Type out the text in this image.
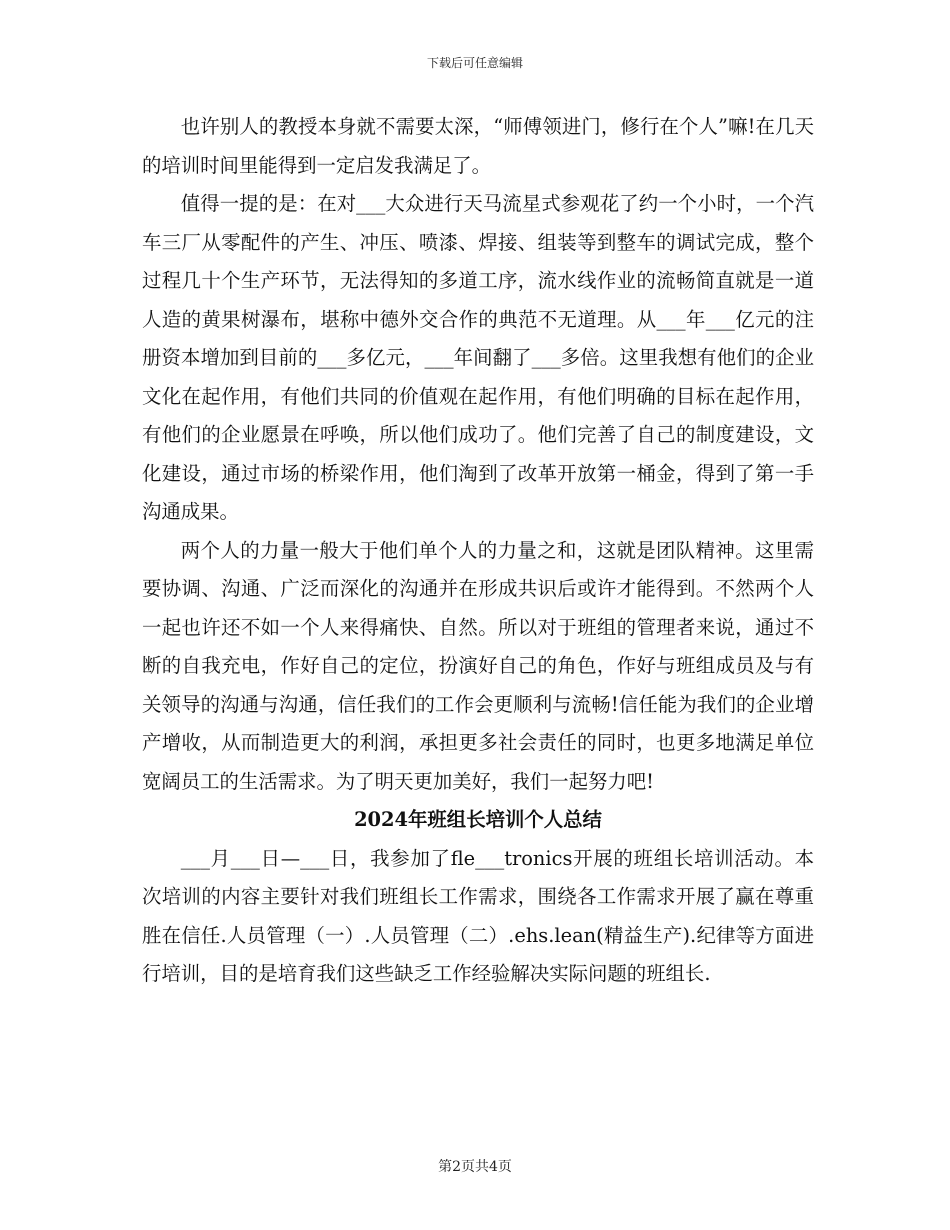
下载后可任意编辑

也许别人的教授本身就不需要太深，“师傅领进门，修行在个人”嘛!在几天的培训时间里能得到一定启发我满足了。

值得一提的是：在对___大众进行天马流星式参观花了约一个小时，一个汽车三厂从零配件的产生、冲压、喷漆、焊接、组装等到整车的调试完成，整个过程几十个生产环节，无法得知的多道工序，流水线作业的流畅简直就是一道人造的黄果树瀑布，堪称中德外交合作的典范不无道理。从___年___亿元的注册资本增加到目前的___多亿元，___年间翻了___多倍。这里我想有他们的企业文化在起作用，有他们共同的价值观在起作用，有他们明确的目标在起作用，有他们的企业愿景在呼唤，所以他们成功了。他们完善了自己的制度建设，文化建设，通过市场的桥梁作用，他们淘到了改革开放第一桶金，得到了第一手沟通成果。

两个人的力量一般大于他们单个人的力量之和，这就是团队精神。这里需要协调、沟通、广泛而深化的沟通并在形成共识后或许才能得到。不然两个人一起也许还不如一个人来得痛快、自然。所以对于班组的管理者来说，通过不断的自我充电，作好自己的定位，扮演好自己的角色，作好与班组成员及与有关领导的沟通与沟通，信任我们的工作会更顺利与流畅!信任能为我们的企业增产增收，从而制造更大的利润，承担更多社会责任的同时，也更多地满足单位宽阔员工的生活需求。为了明天更加美好，我们一起努力吧!

2024年班组长培训个人总结

___月___日—___日，我参加了fle___tronics开展的班组长培训活动。本次培训的内容主要针对我们班组长工作需求，围绕各工作需求开展了赢在尊重胜在信任.人员管理（一）.人员管理（二）.ehs.lean(精益生产).纪律等方面进行培训，目的是培育我们这些缺乏工作经验解决实际问题的班组长.

第2页共4页
